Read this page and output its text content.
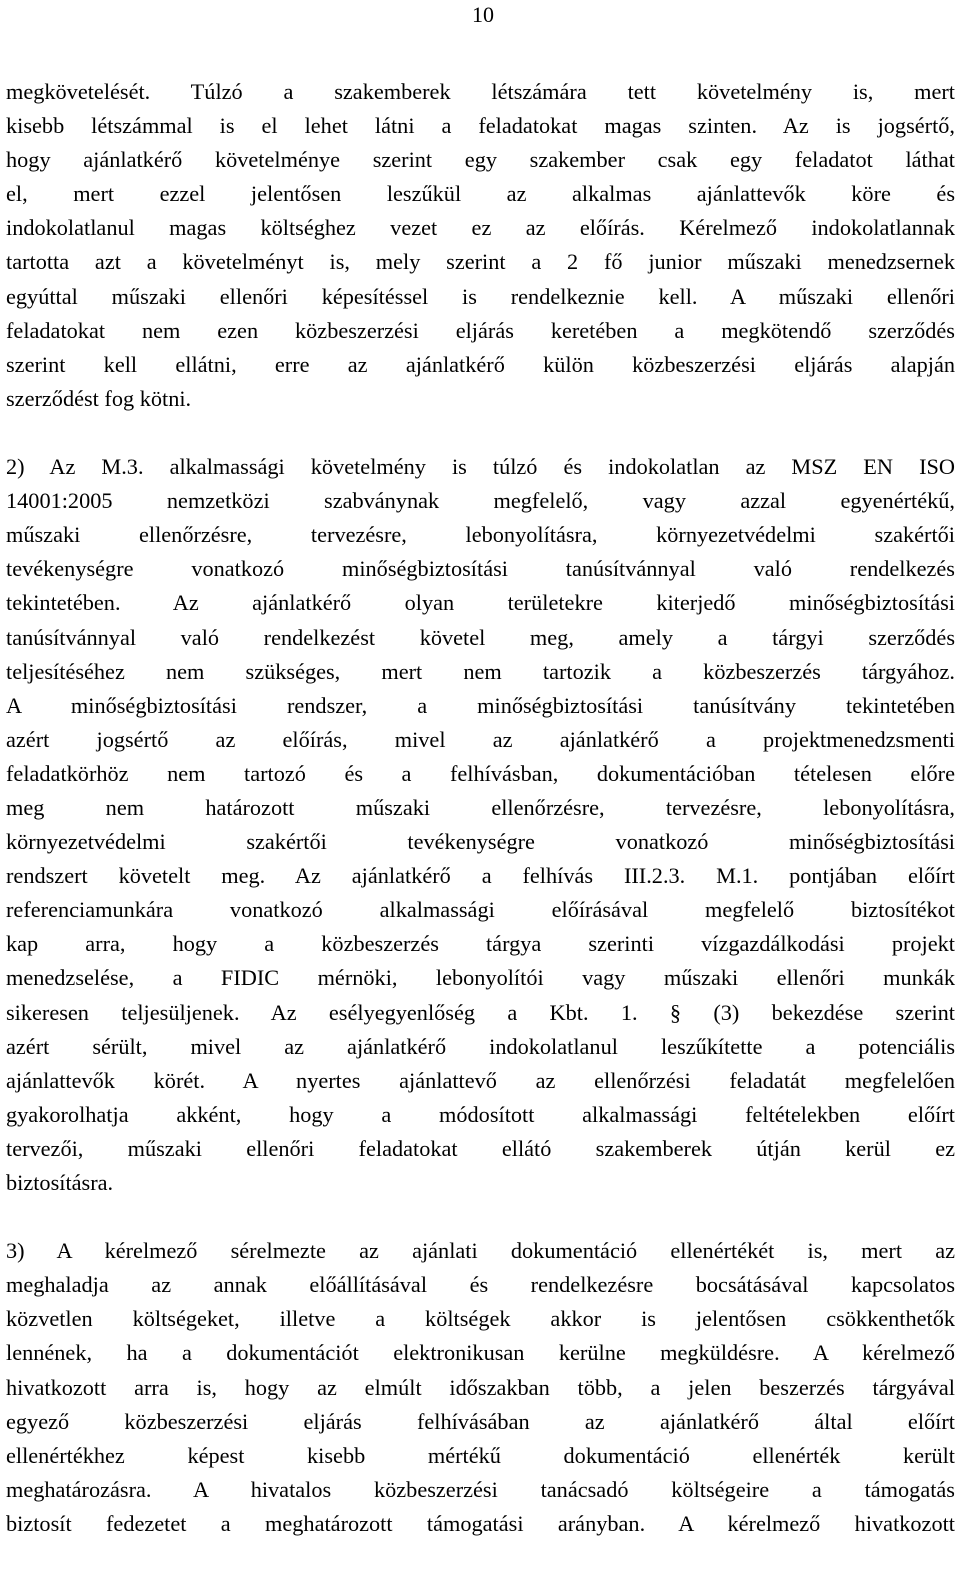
10
megkövetelését. Túlzó a szakemberek létszámára tett követelmény is, mert
kisebb létszámmal is el lehet látni a feladatokat magas szinten. Az is jogsértő,
hogy ajánlatkérő követelménye szerint egy szakember csak egy feladatot láthat
el, mert ezzel jelentősen leszűkül az alkalmas ajánlattevők köre és
indokolatlanul magas költséghez vezet ez az előírás. Kérelmező indokolatlannak
tartotta azt a követelményt is, mely szerint a 2 fő junior műszaki menedzsernek
egyúttal műszaki ellenőri képesítéssel is rendelkeznie kell. A műszaki ellenőri
feladatokat nem ezen közbeszerzési eljárás keretében a megkötendő szerződés
szerint kell ellátni, erre az ajánlatkérő külön közbeszerzési eljárás alapján
szerződést fog kötni.
2) Az M.3. alkalmassági követelmény is túlzó és indokolatlan az MSZ EN ISO
14001:2005 nemzetközi szabványnak megfelelő, vagy azzal egyenértékű,
műszaki ellenőrzésre, tervezésre, lebonyolításra, környezetvédelmi szakértői
tevékenységre vonatkozó minőségbiztosítási tanúsítvánnyal való rendelkezés
tekintetében. Az ajánlatkérő olyan területekre kiterjedő minőségbiztosítási
tanúsítvánnyal való rendelkezést követel meg, amely a tárgyi szerződés
teljesítéséhez nem szükséges, mert nem tartozik a közbeszerzés tárgyához.
A minőségbiztosítási rendszer, a minőségbiztosítási tanúsítvány tekintetében
azért jogsértő az előírás, mivel az ajánlatkérő a projektmenedzsmenti
feladatkörhöz nem tartozó és a felhívásban, dokumentációban tételesen előre
meg nem határozott műszaki ellenőrzésre, tervezésre, lebonyolításra,
környezetvédelmi szakértői tevékenységre vonatkozó minőségbiztosítási
rendszert követelt meg. Az ajánlatkérő a felhívás III.2.3. M.1. pontjában előírt
referenciamunkára vonatkozó alkalmassági előírásával megfelelő biztosítékot
kap arra, hogy a közbeszerzés tárgya szerinti vízgazdálkodási projekt
menedzselése, a FIDIC mérnöki, lebonyolítói vagy műszaki ellenőri munkák
sikeresen teljesüljenek. Az esélyegyenlőség a Kbt. 1. § (3) bekezdése szerint
azért sérült, mivel az ajánlatkérő indokolatlanul leszűkítette a potenciális
ajánlattevők körét. A nyertes ajánlattevő az ellenőrzési feladatát megfelelően
gyakorolhatja akként, hogy a módosított alkalmassági feltételekben előírt
tervezői, műszaki ellenőri feladatokat ellátó szakemberek útján kerül ez
biztosításra.
3) A kérelmező sérelmezte az ajánlati dokumentáció ellenértékét is, mert az
meghaladja az annak előállításával és rendelkezésre bocsátásával kapcsolatos
közvetlen költségeket, illetve a költségek akkor is jelentősen csökkenthetők
lennének, ha a dokumentációt elektronikusan kerülne megküldésre. A kérelmező
hivatkozott arra is, hogy az elmúlt időszakban több, a jelen beszerzés tárgyával
egyező közbeszerzési eljárás felhívásában az ajánlatkérő által előírt
ellenértékhez képest kisebb mértékű dokumentáció ellenérték került
meghatározásra. A hivatalos közbeszerzési tanácsadó költségeire a támogatás
biztosít fedezetet a meghatározott támogatási arányban. A kérelmező hivatkozott
